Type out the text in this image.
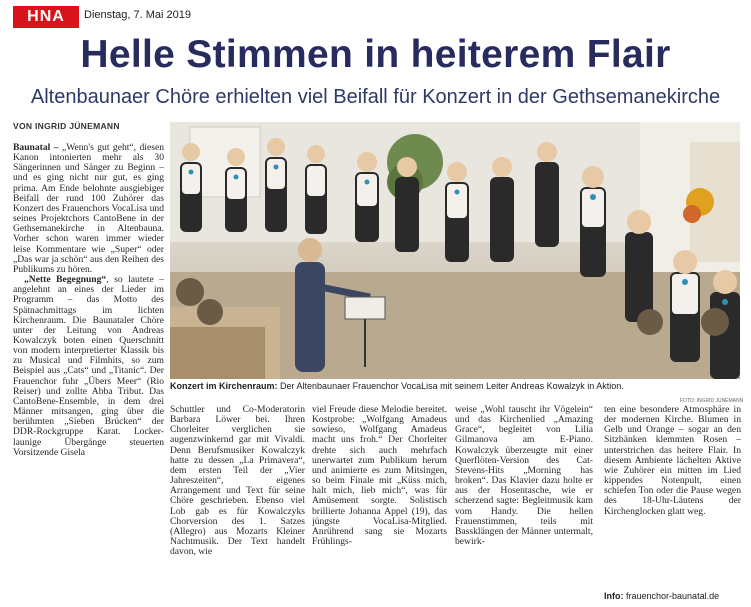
HNA	Dienstag, 7. Mai 2019
Helle Stimmen in heiterem Flair
Altenbaunaer Chöre erhielten viel Beifall für Konzert in der Gethsemanekirche
VON INGRID JÜNEMANN
Baunatal – „Wenn's gut geht“, diesen Kanon intonierten mehr als 30 Sängerinnen und Sänger zu Beginn – und es ging nicht nur gut, es ging prima. Am Ende belohnte ausgiebiger Beifall der rund 100 Zuhörer das Konzert des Frauenchors VocaLisa und seines Projektchors CantoBene in der Gethsemanekirche in Altenbauna. Vorher schon waren immer wieder leise Kommentare wie „Super“ oder „Das war ja schön“ aus den Reihen des Publikums zu hören.
„Nette Begegnung“, so lautete – angelehnt an eines der Lieder im Programm – das Motto des Spätnachmittags im lichten Kirchenraum. Die Baunataler Chöre unter der Leitung von Andreas Kowalczyk boten einen Querschnitt von modern interpretierter Klassik bis zu Musical und Filmhits, so zum Beispiel aus „Cats“ und „Titanic“. Der Frauenchor fuhr „Übers Meer“ (Rio Reiser) und zollte Abba Tribut. Das CantoBene-Ensemble, in dem drei Männer mitsangen, ging über die berühmten „Sieben Brücken“ der DDR-Rockgruppe Karat. Locker-launige Übergänge steuerten Vorsitzende Gisela
Konzert im Kirchenraum: Der Altenbaunaer Frauenchor VocaLisa mit seinem Leiter Andreas Kowalzyk in Aktion.
FOTO: INGRID JÜNEMANN
Schuttler und Co-Moderatorin Barbara Löwer bei. Ihren Chorleiter verglichen sie augenzwinkernd gar mit Vivaldi. Denn Berufsmusiker Kowalczyk hatte zu dessen „La Primavera“, dem ersten Teil der „Vier Jahreszeiten“, eigenes Arrangement und Text für seine Chöre geschrieben. Ebenso viel Lob gab es für Kowalczyks Chorversion des 1. Satzes (Allegro) aus Mozarts Kleiner Nachtmusik. Der Text handelt davon, wie
viel Freude diese Melodie bereitet. Kostprobe: „Wolfgang Amadeus sowieso, Wolfgang Amadeus macht uns froh.“ Der Chorleiter drehte sich auch mehrfach unerwartet zum Publikum herum und animierte es zum Mitsingen, so beim Finale mit „Küss mich, halt mich, lieb mich“, was für Amüsement sorgte. Solistisch brillierte Johanna Appel (19), das jüngste VocaLisa-Mitglied. Anrührend sang sie Mozarts Frühlings-
weise „Wohl tauscht ihr Vögelein“ und das Kirchenlied „Amazing Grace“, begleitet von Lilia Gilmanova am E-Piano. Kowalczyk überzeugte mit einer Querflöten-Version des Cat-Stevens-Hits „Morning has broken“. Das Klavier dazu holte er aus der Hosentasche, wie er scherzend sagte: Begleitmusik kam vom Handy. Die hellen Frauenstimmen, teils mit Bassklängen der Männer untermalt, bewirk-
ten eine besondere Atmosphäre in der modernen Kirche. Blumen in Gelb und Orange – sogar an den Sitzbänken klemmten Rosen – unterstrichen das heitere Flair. In diesem Ambiente lächelten Aktive wie Zuhörer ein mitten im Lied kippendes Notenpult, einen schiefen Ton oder die Pause wegen des 18-Uhr-Läutens der Kirchenglocken glatt weg.
Info: frauenchor-baunatal.de
